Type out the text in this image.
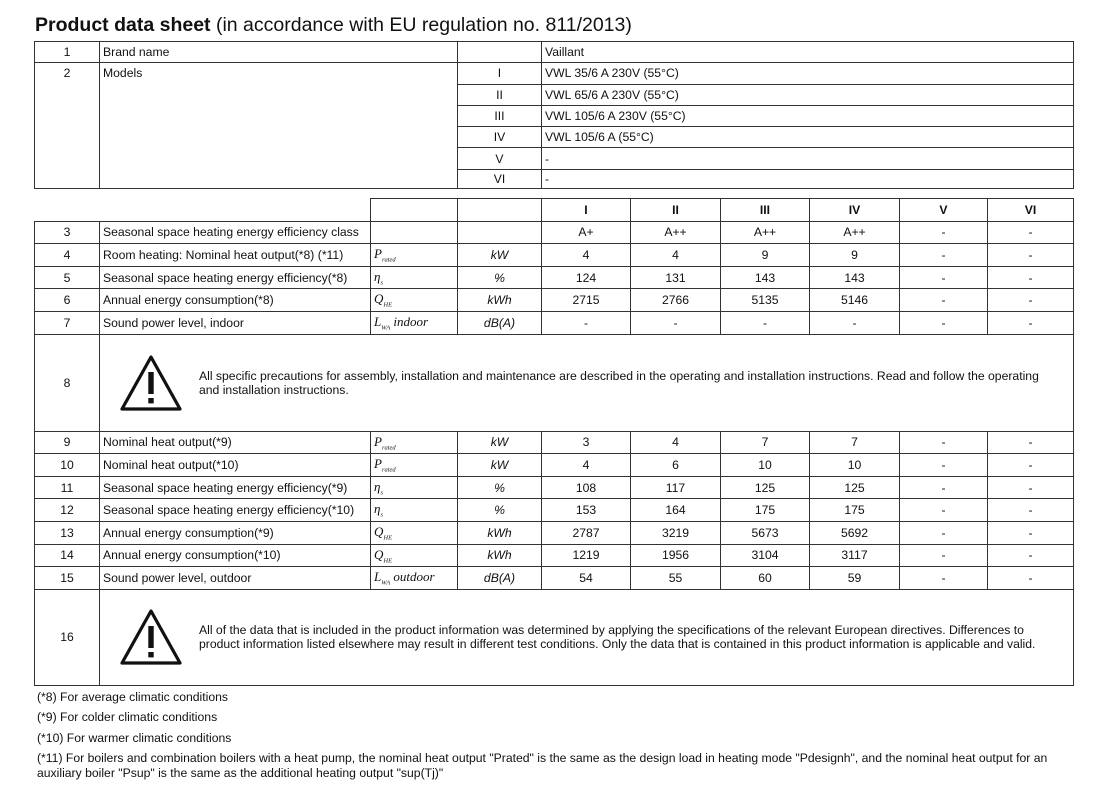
Product data sheet (in accordance with EU regulation no. 811/2013)
1	Brand name		Vaillant
2	Models	I	VWL 35/6 A 230V (55°C)
		II	VWL 65/6 A 230V (55°C)
		III	VWL 105/6 A 230V (55°C)
		IV	VWL 105/6 A (55°C)
		V	-
		VI	-
				I	II	III	IV	V	VI
3	Seasonal space heating energy efficiency class			A+	A++	A++	A++	-	-
4	Room heating: Nominal heat output(*8) (*11)	$P_{rated}$	kW	4	4	9	9	-	-
5	Seasonal space heating energy efficiency(*8)	$\eta_s$	%	124	131	143	143	-	-
6	Annual energy consumption(*8)	$Q_{HE}$	kWh	2715	2766	5135	5146	-	-
7	Sound power level, indoor	$L_{WA}$ indoor	dB(A)	-	-	-	-	-	-
8	All specific precautions for assembly, installation and maintenance are described in the operating and installation instructions. Read and follow the operating and installation instructions.								

9	Nominal heat output(*9)	$P_{rated}$	kW	3	4	7	7	-	-
10	Nominal heat output(*10)	$P_{rated}$	kW	4	6	10	10	-	-
11	Seasonal space heating energy efficiency(*9)	$\eta_s$	%	108	117	125	125	-	-
12	Seasonal space heating energy efficiency(*10)	$\eta_s$	%	153	164	175	175	-	-
13	Annual energy consumption(*9)	$Q_{HE}$	kWh	2787	3219	5673	5692	-	-
14	Annual energy consumption(*10)	$Q_{HE}$	kWh	1219	1956	3104	3117	-	-
15	Sound power level, outdoor	$L_{WA}$ outdoor	dB(A)	54	55	60	59	-	-
16	All of the data that is included in the product information was determined by applying the specifications of the relevant European directives. Differences to product information listed elsewhere may result in different test conditions. Only the data that is contained in this product information is applicable and valid.								
(*8) For average climatic conditions
(*9) For colder climatic conditions
(*10) For warmer climatic conditions
(*11) For boilers and combination boilers with a heat pump, the nominal heat output "Prated" is the same as the design load in heating mode "Pdesignh", and the nominal heat output for an auxiliary boiler "Psup" is the same as the additional heating output "sup(Tj)"
